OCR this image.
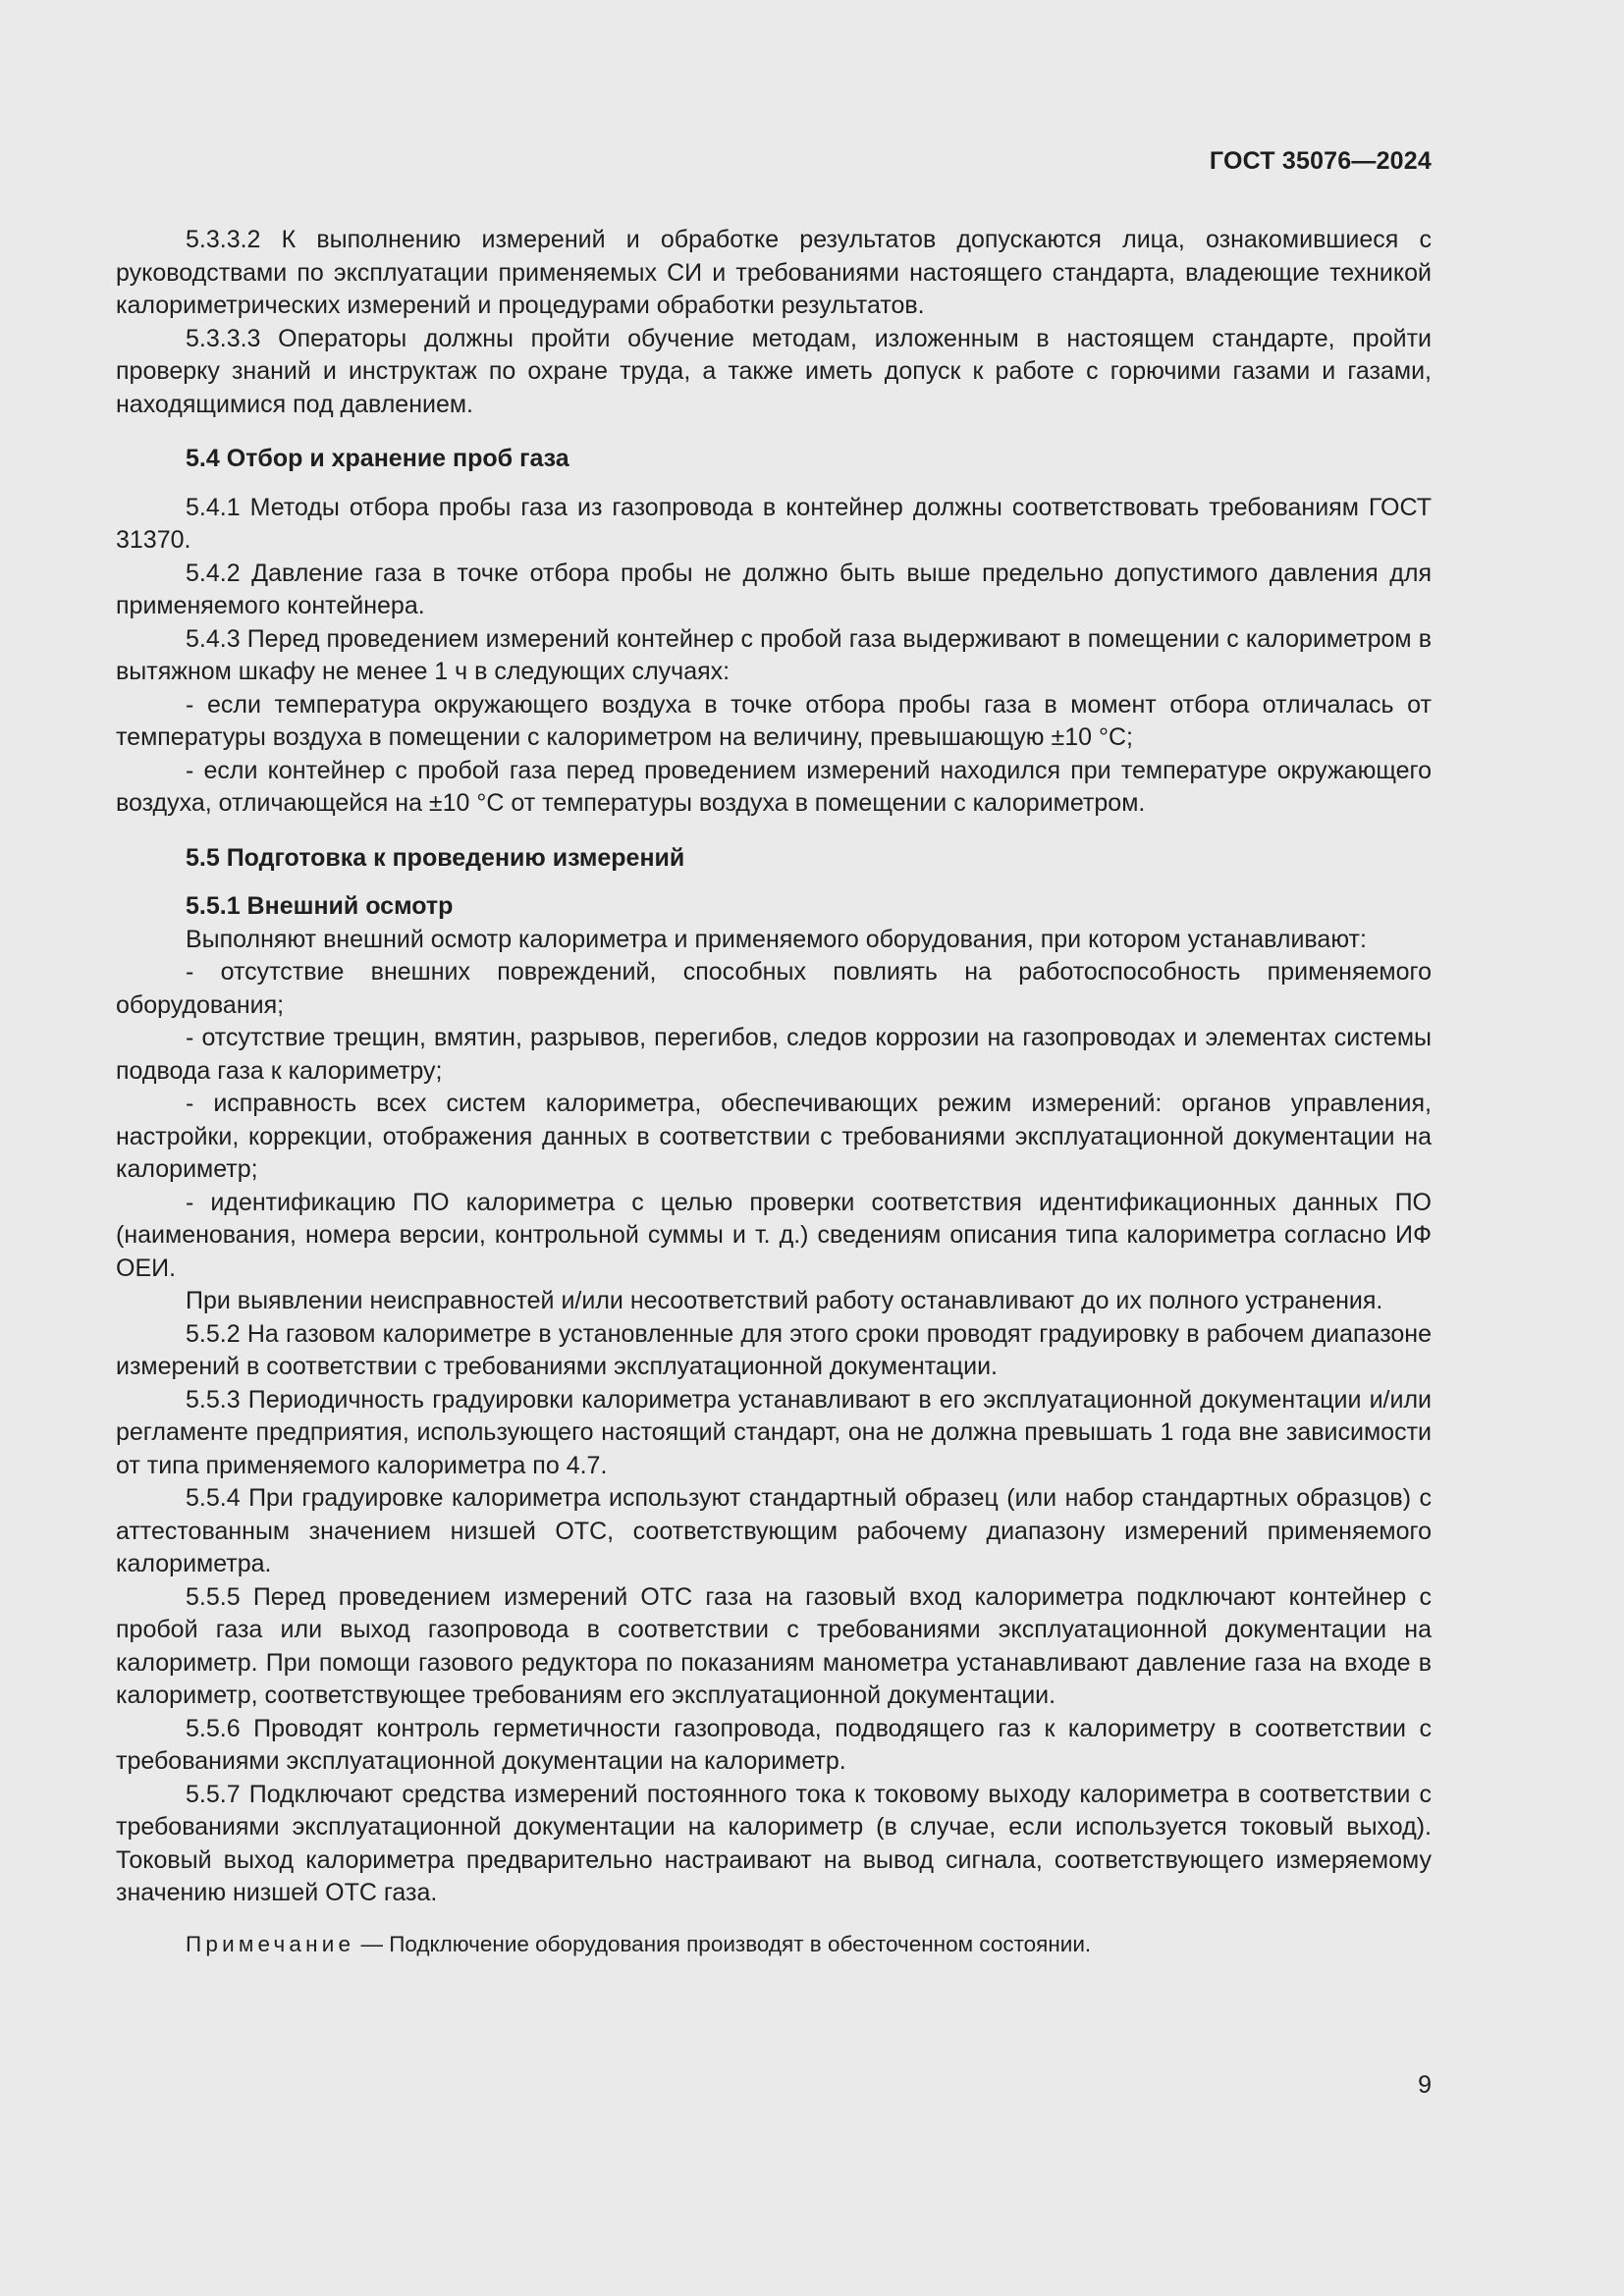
ГОСТ 35076—2024

5.3.3.2 К выполнению измерений и обработке результатов допускаются лица, ознакомившиеся с руководствами по эксплуатации применяемых СИ и требованиями настоящего стандарта, владеющие техникой калориметрических измерений и процедурами обработки результатов.

5.3.3.3 Операторы должны пройти обучение методам, изложенным в настоящем стандарте, пройти проверку знаний и инструктаж по охране труда, а также иметь допуск к работе с горючими газами и газами, находящимися под давлением.

5.4 Отбор и хранение проб газа

5.4.1 Методы отбора пробы газа из газопровода в контейнер должны соответствовать требованиям ГОСТ 31370.

5.4.2 Давление газа в точке отбора пробы не должно быть выше предельно допустимого давления для применяемого контейнера.

5.4.3 Перед проведением измерений контейнер с пробой газа выдерживают в помещении с калориметром в вытяжном шкафу не менее 1 ч в следующих случаях:

- если температура окружающего воздуха в точке отбора пробы газа в момент отбора отличалась от температуры воздуха в помещении с калориметром на величину, превышающую ±10 °С;

- если контейнер с пробой газа перед проведением измерений находился при температуре окружающего воздуха, отличающейся на ±10 °С от температуры воздуха в помещении с калориметром.

5.5 Подготовка к проведению измерений

5.5.1 Внешний осмотр

Выполняют внешний осмотр калориметра и применяемого оборудования, при котором устанавливают:

- отсутствие внешних повреждений, способных повлиять на работоспособность применяемого оборудования;

- отсутствие трещин, вмятин, разрывов, перегибов, следов коррозии на газопроводах и элементах системы подвода газа к калориметру;

- исправность всех систем калориметра, обеспечивающих режим измерений: органов управления, настройки, коррекции, отображения данных в соответствии с требованиями эксплуатационной документации на калориметр;

- идентификацию ПО калориметра с целью проверки соответствия идентификационных данных ПО (наименования, номера версии, контрольной суммы и т. д.) сведениям описания типа калориметра согласно ИФ ОЕИ.

При выявлении неисправностей и/или несоответствий работу останавливают до их полного устранения.

5.5.2 На газовом калориметре в установленные для этого сроки проводят градуировку в рабочем диапазоне измерений в соответствии с требованиями эксплуатационной документации.

5.5.3 Периодичность градуировки калориметра устанавливают в его эксплуатационной документации и/или регламенте предприятия, использующего настоящий стандарт, она не должна превышать 1 года вне зависимости от типа применяемого калориметра по 4.7.

5.5.4 При градуировке калориметра используют стандартный образец (или набор стандартных образцов) с аттестованным значением низшей ОТС, соответствующим рабочему диапазону измерений применяемого калориметра.

5.5.5 Перед проведением измерений ОТС газа на газовый вход калориметра подключают контейнер с пробой газа или выход газопровода в соответствии с требованиями эксплуатационной документации на калориметр. При помощи газового редуктора по показаниям манометра устанавливают давление газа на входе в калориметр, соответствующее требованиям его эксплуатационной документации.

5.5.6 Проводят контроль герметичности газопровода, подводящего газ к калориметру в соответствии с требованиями эксплуатационной документации на калориметр.

5.5.7 Подключают средства измерений постоянного тока к токовому выходу калориметра в соответствии с требованиями эксплуатационной документации на калориметр (в случае, если используется токовый выход). Токовый выход калориметра предварительно настраивают на вывод сигнала, соответствующего измеряемому значению низшей ОТС газа.

Примечание — Подключение оборудования производят в обесточенном состоянии.

9
